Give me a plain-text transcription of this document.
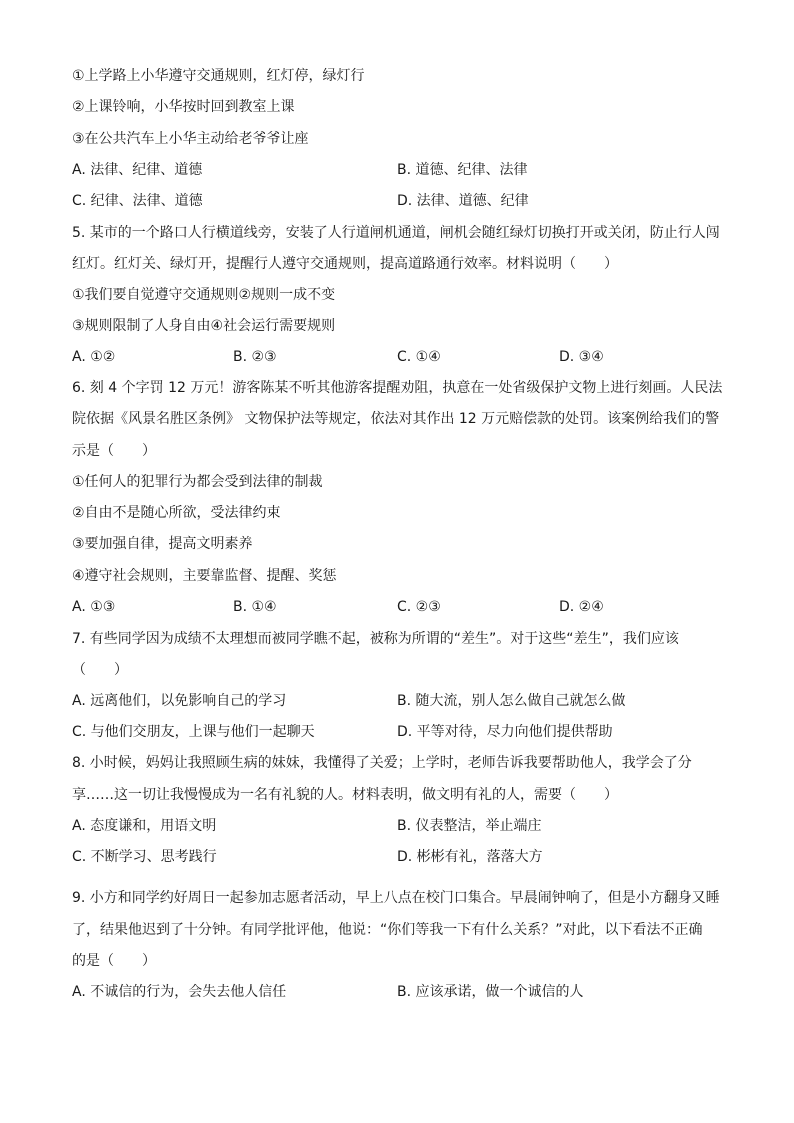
①上学路上小华遵守交通规则，红灯停，绿灯行
②上课铃响，小华按时回到教室上课
③在公共汽车上小华主动给老爷爷让座
A. 法律、纪律、道德	B. 道德、纪律、法律
C. 纪律、法律、道德	D. 法律、道德、纪律
5. 某市的一个路口人行横道线旁，安装了人行道闸机通道，闸机会随红绿灯切换打开或关闭，防止行人闯
红灯。红灯关、绿灯开，提醒行人遵守交通规则，提高道路通行效率。材料说明（　　）
①我们要自觉遵守交通规则②规则一成不变
③规则限制了人身自由④社会运行需要规则
A. ①②	B. ②③	C. ①④	D. ③④
6. 刻 4 个字罚 12 万元！游客陈某不听其他游客提醒劝阻，执意在一处省级保护文物上进行刻画。人民法
院依据《风景名胜区条例》 文物保护法等规定，依法对其作出 12 万元赔偿款的处罚。该案例给我们的警
示是（　　）
①任何人的犯罪行为都会受到法律的制裁
②自由不是随心所欲，受法律约束
③要加强自律，提高文明素养
④遵守社会规则，主要靠监督、提醒、奖惩
A. ①③	B. ①④	C. ②③	D. ②④
7. 有些同学因为成绩不太理想而被同学瞧不起，被称为所谓的“差生”。对于这些“差生”，我们应该
（　　）
A. 远离他们，以免影响自己的学习	B. 随大流，别人怎么做自己就怎么做
C. 与他们交朋友，上课与他们一起聊天	D. 平等对待，尽力向他们提供帮助
8. 小时候，妈妈让我照顾生病的妹妹，我懂得了关爱；上学时，老师告诉我要帮助他人，我学会了分
享……这一切让我慢慢成为一名有礼貌的人。材料表明，做文明有礼的人，需要（　　）
A. 态度谦和，用语文明	B. 仪表整洁，举止端庄
C. 不断学习、思考践行	D. 彬彬有礼，落落大方
9. 小方和同学约好周日一起参加志愿者活动，早上八点在校门口集合。早晨闹钟响了，但是小方翻身又睡
了，结果他迟到了十分钟。有同学批评他，他说：“你们等我一下有什么关系？”对此，以下看法不正确
的是（　　）
A. 不诚信的行为，会失去他人信任	B. 应该承诺，做一个诚信的人
